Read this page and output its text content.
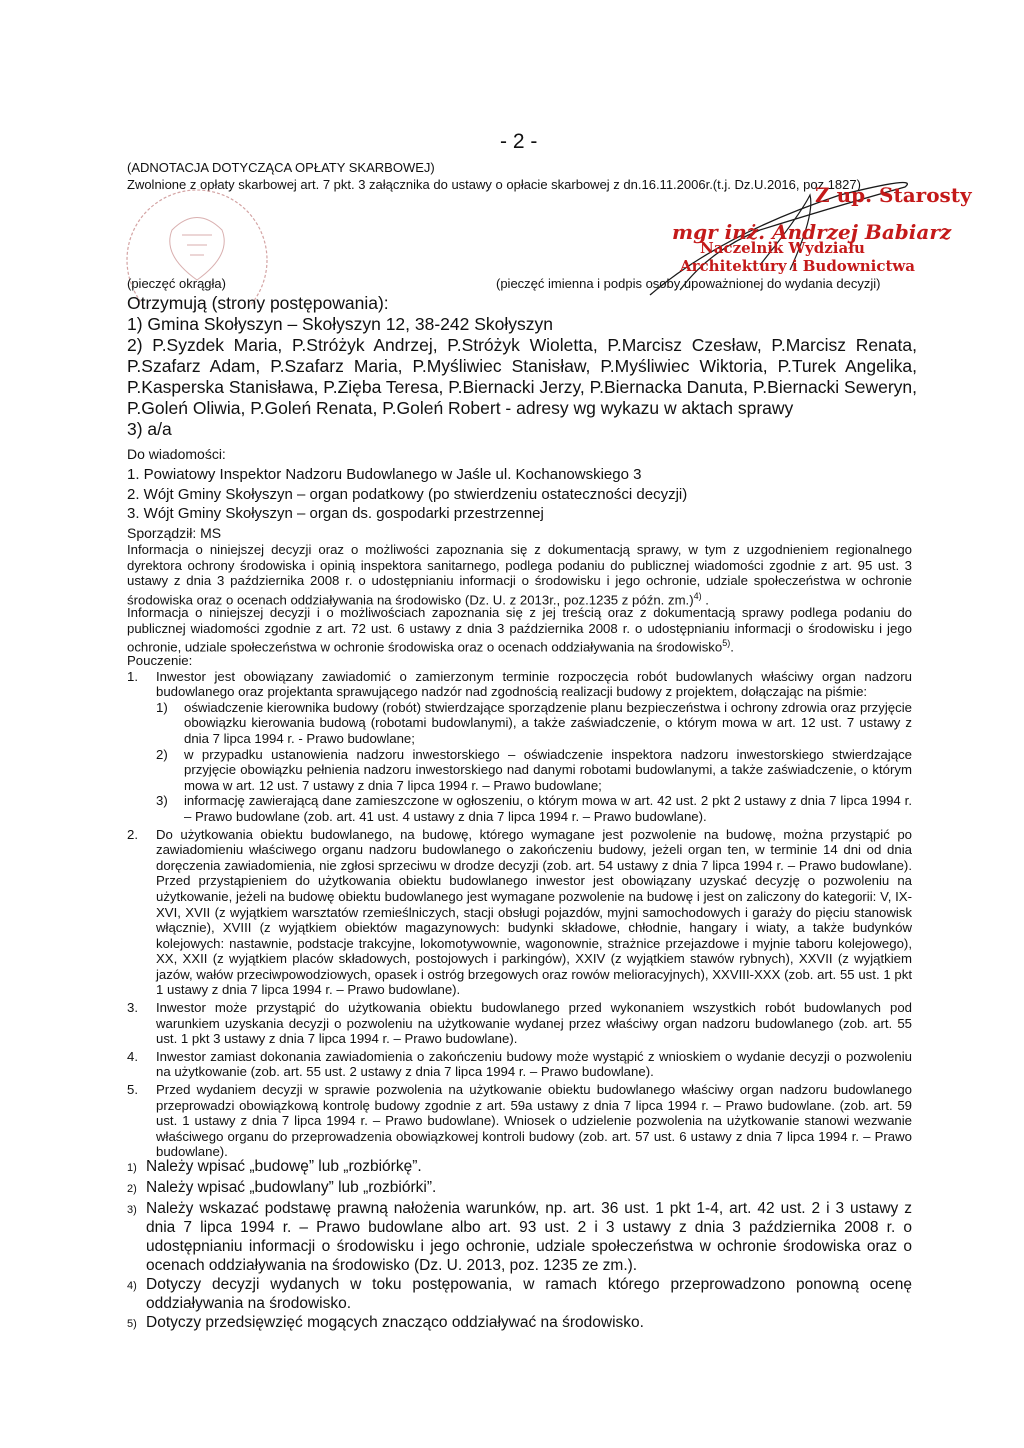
- 2 -
(ADNOTACJA DOTYCZĄCA OPŁATY SKARBOWEJ)
Zwolnione z opłaty skarbowej art. 7 pkt. 3 załącznika do ustawy o opłacie skarbowej z dn.16.11.2006r.(t.j. Dz.U.2016, poz.1827)
(pieczęć okrągła)	(pieczęć imienna i podpis osoby upoważnionej do wydania decyzji)
Z up. Starosty
mgr inż. Andrzej Babiarz
Naczelnik Wydziału
Architektury i Budownictwa
Otrzymują (strony postępowania):
1) Gmina Skołyszyn – Skołyszyn 12, 38-242 Skołyszyn
2) P.Syzdek Maria, P.Stróżyk Andrzej, P.Stróżyk Wioletta, P.Marcisz Czesław, P.Marcisz Renata, P.Szafarz Adam, P.Szafarz Maria, P.Myśliwiec Stanisław, P.Myśliwiec Wiktoria, P.Turek Angelika, P.Kasperska Stanisława, P.Zięba Teresa, P.Biernacki Jerzy, P.Biernacka Danuta, P.Biernacki Seweryn, P.Goleń Oliwia, P.Goleń Renata, P.Goleń Robert - adresy wg wykazu w aktach sprawy
3) a/a
Do wiadomości:
1. Powiatowy Inspektor Nadzoru Budowlanego w Jaśle ul. Kochanowskiego 3
2. Wójt Gminy Skołyszyn – organ podatkowy (po stwierdzeniu ostateczności decyzji)
3. Wójt Gminy Skołyszyn – organ ds. gospodarki przestrzennej
Sporządził: MS
Informacja o niniejszej decyzji oraz o możliwości zapoznania się z dokumentacją sprawy, w tym z uzgodnieniem regionalnego dyrektora ochrony środowiska i opinią inspektora sanitarnego, podlega podaniu do publicznej wiadomości zgodnie z art. 95 ust. 3 ustawy z dnia 3 października 2008 r. o udostępnianiu informacji o środowisku i jego ochronie, udziale społeczeństwa w ochronie środowiska oraz o ocenach oddziaływania na środowisko (Dz. U. z 2013r., poz.1235 z późn. zm.)$^{4)}$ .
Informacja o niniejszej decyzji i o możliwościach zapoznania się z jej treścią oraz z dokumentacją sprawy podlega podaniu do publicznej wiadomości zgodnie z art. 72 ust. 6 ustawy z dnia 3 października 2008 r. o udostępnianiu informacji o środowisku i jego ochronie, udziale społeczeństwa w ochronie środowiska oraz o ocenach oddziaływania na środowisko$^{5)}$.
Pouczenie:
1.	Inwestor jest obowiązany zawiadomić o zamierzonym terminie rozpoczęcia robót budowlanych właściwy organ nadzoru budowlanego oraz projektanta sprawującego nadzór nad zgodnością realizacji budowy z projektem, dołączając na piśmie:
1)	oświadczenie kierownika budowy (robót) stwierdzające sporządzenie planu bezpieczeństwa i ochrony zdrowia oraz przyjęcie obowiązku kierowania budową (robotami budowlanymi), a także zaświadczenie, o którym mowa w art. 12 ust. 7 ustawy z dnia 7 lipca 1994 r. - Prawo budowlane;
2)	w przypadku ustanowienia nadzoru inwestorskiego – oświadczenie inspektora nadzoru inwestorskiego stwierdzające przyjęcie obowiązku pełnienia nadzoru inwestorskiego nad danymi robotami budowlanymi, a także zaświadczenie, o którym mowa w art. 12 ust. 7 ustawy z dnia 7 lipca 1994 r. – Prawo budowlane;
3)	informację zawierającą dane zamieszczone w ogłoszeniu, o którym mowa w art. 42 ust. 2 pkt 2 ustawy z dnia 7 lipca 1994 r. – Prawo budowlane (zob. art. 41 ust. 4 ustawy z dnia 7 lipca 1994 r. – Prawo budowlane).
2.	Do użytkowania obiektu budowlanego, na budowę, którego wymagane jest pozwolenie na budowę, można przystąpić po zawiadomieniu właściwego organu nadzoru budowlanego o zakończeniu budowy, jeżeli organ ten, w terminie 14 dni od dnia doręczenia zawiadomienia, nie zgłosi sprzeciwu w drodze decyzji (zob. art. 54 ustawy z dnia 7 lipca 1994 r. – Prawo budowlane). Przed przystąpieniem do użytkowania obiektu budowlanego inwestor jest obowiązany uzyskać decyzję o pozwoleniu na użytkowanie, jeżeli na budowę obiektu budowlanego jest wymagane pozwolenie na budowę i jest on zaliczony do kategorii: V, IX-XVI, XVII (z wyjątkiem warsztatów rzemieślniczych, stacji obsługi pojazdów, myjni samochodowych i garaży do pięciu stanowisk włącznie), XVIII (z wyjątkiem obiektów magazynowych: budynki składowe, chłodnie, hangary i wiaty, a także budynków kolejowych: nastawnie, podstacje trakcyjne, lokomotywownie, wagonownie, strażnice przejazdowe i myjnie taboru kolejowego), XX, XXII (z wyjątkiem placów składowych, postojowych i parkingów), XXIV (z wyjątkiem stawów rybnych), XXVII (z wyjątkiem jazów, wałów przeciwpowodziowych, opasek i ostróg brzegowych oraz rowów melioracyjnych), XXVIII-XXX (zob. art. 55 ust. 1 pkt 1 ustawy z dnia 7 lipca 1994 r. – Prawo budowlane).
3.	Inwestor może przystąpić do użytkowania obiektu budowlanego przed wykonaniem wszystkich robót budowlanych pod warunkiem uzyskania decyzji o pozwoleniu na użytkowanie wydanej przez właściwy organ nadzoru budowlanego (zob. art. 55 ust. 1 pkt 3 ustawy z dnia 7 lipca 1994 r. – Prawo budowlane).
4.	Inwestor zamiast dokonania zawiadomienia o zakończeniu budowy może wystąpić z wnioskiem o wydanie decyzji o pozwoleniu na użytkowanie (zob. art. 55 ust. 2 ustawy z dnia 7 lipca 1994 r. – Prawo budowlane).
5.	Przed wydaniem decyzji w sprawie pozwolenia na użytkowanie obiektu budowlanego właściwy organ nadzoru budowlanego przeprowadzi obowiązkową kontrolę budowy zgodnie z art. 59a ustawy z dnia 7 lipca 1994 r. – Prawo budowlane. (zob. art. 59 ust. 1 ustawy z dnia 7 lipca 1994 r. – Prawo budowlane). Wniosek o udzielenie pozwolenia na użytkowanie stanowi wezwanie właściwego organu do przeprowadzenia obowiązkowej kontroli budowy (zob. art. 57 ust. 6 ustawy z dnia 7 lipca 1994 r. – Prawo budowlane).
1) Należy wpisać „budowę” lub „rozbiórkę”.
2) Należy wpisać „budowlany” lub „rozbiórki”.
3) Należy wskazać podstawę prawną nałożenia warunków, np. art. 36 ust. 1 pkt 1-4, art. 42 ust. 2 i 3 ustawy z dnia 7 lipca 1994 r. – Prawo budowlane albo art. 93 ust. 2 i 3 ustawy z dnia 3 października 2008 r. o udostępnianiu informacji o środowisku i jego ochronie, udziale społeczeństwa w ochronie środowiska oraz o ocenach oddziaływania na środowisko (Dz. U. 2013, poz. 1235 ze zm.).
4) Dotyczy decyzji wydanych w toku postępowania, w ramach którego przeprowadzono ponowną ocenę oddziaływania na środowisko.
5) Dotyczy przedsięwzięć mogących znacząco oddziaływać na środowisko.
